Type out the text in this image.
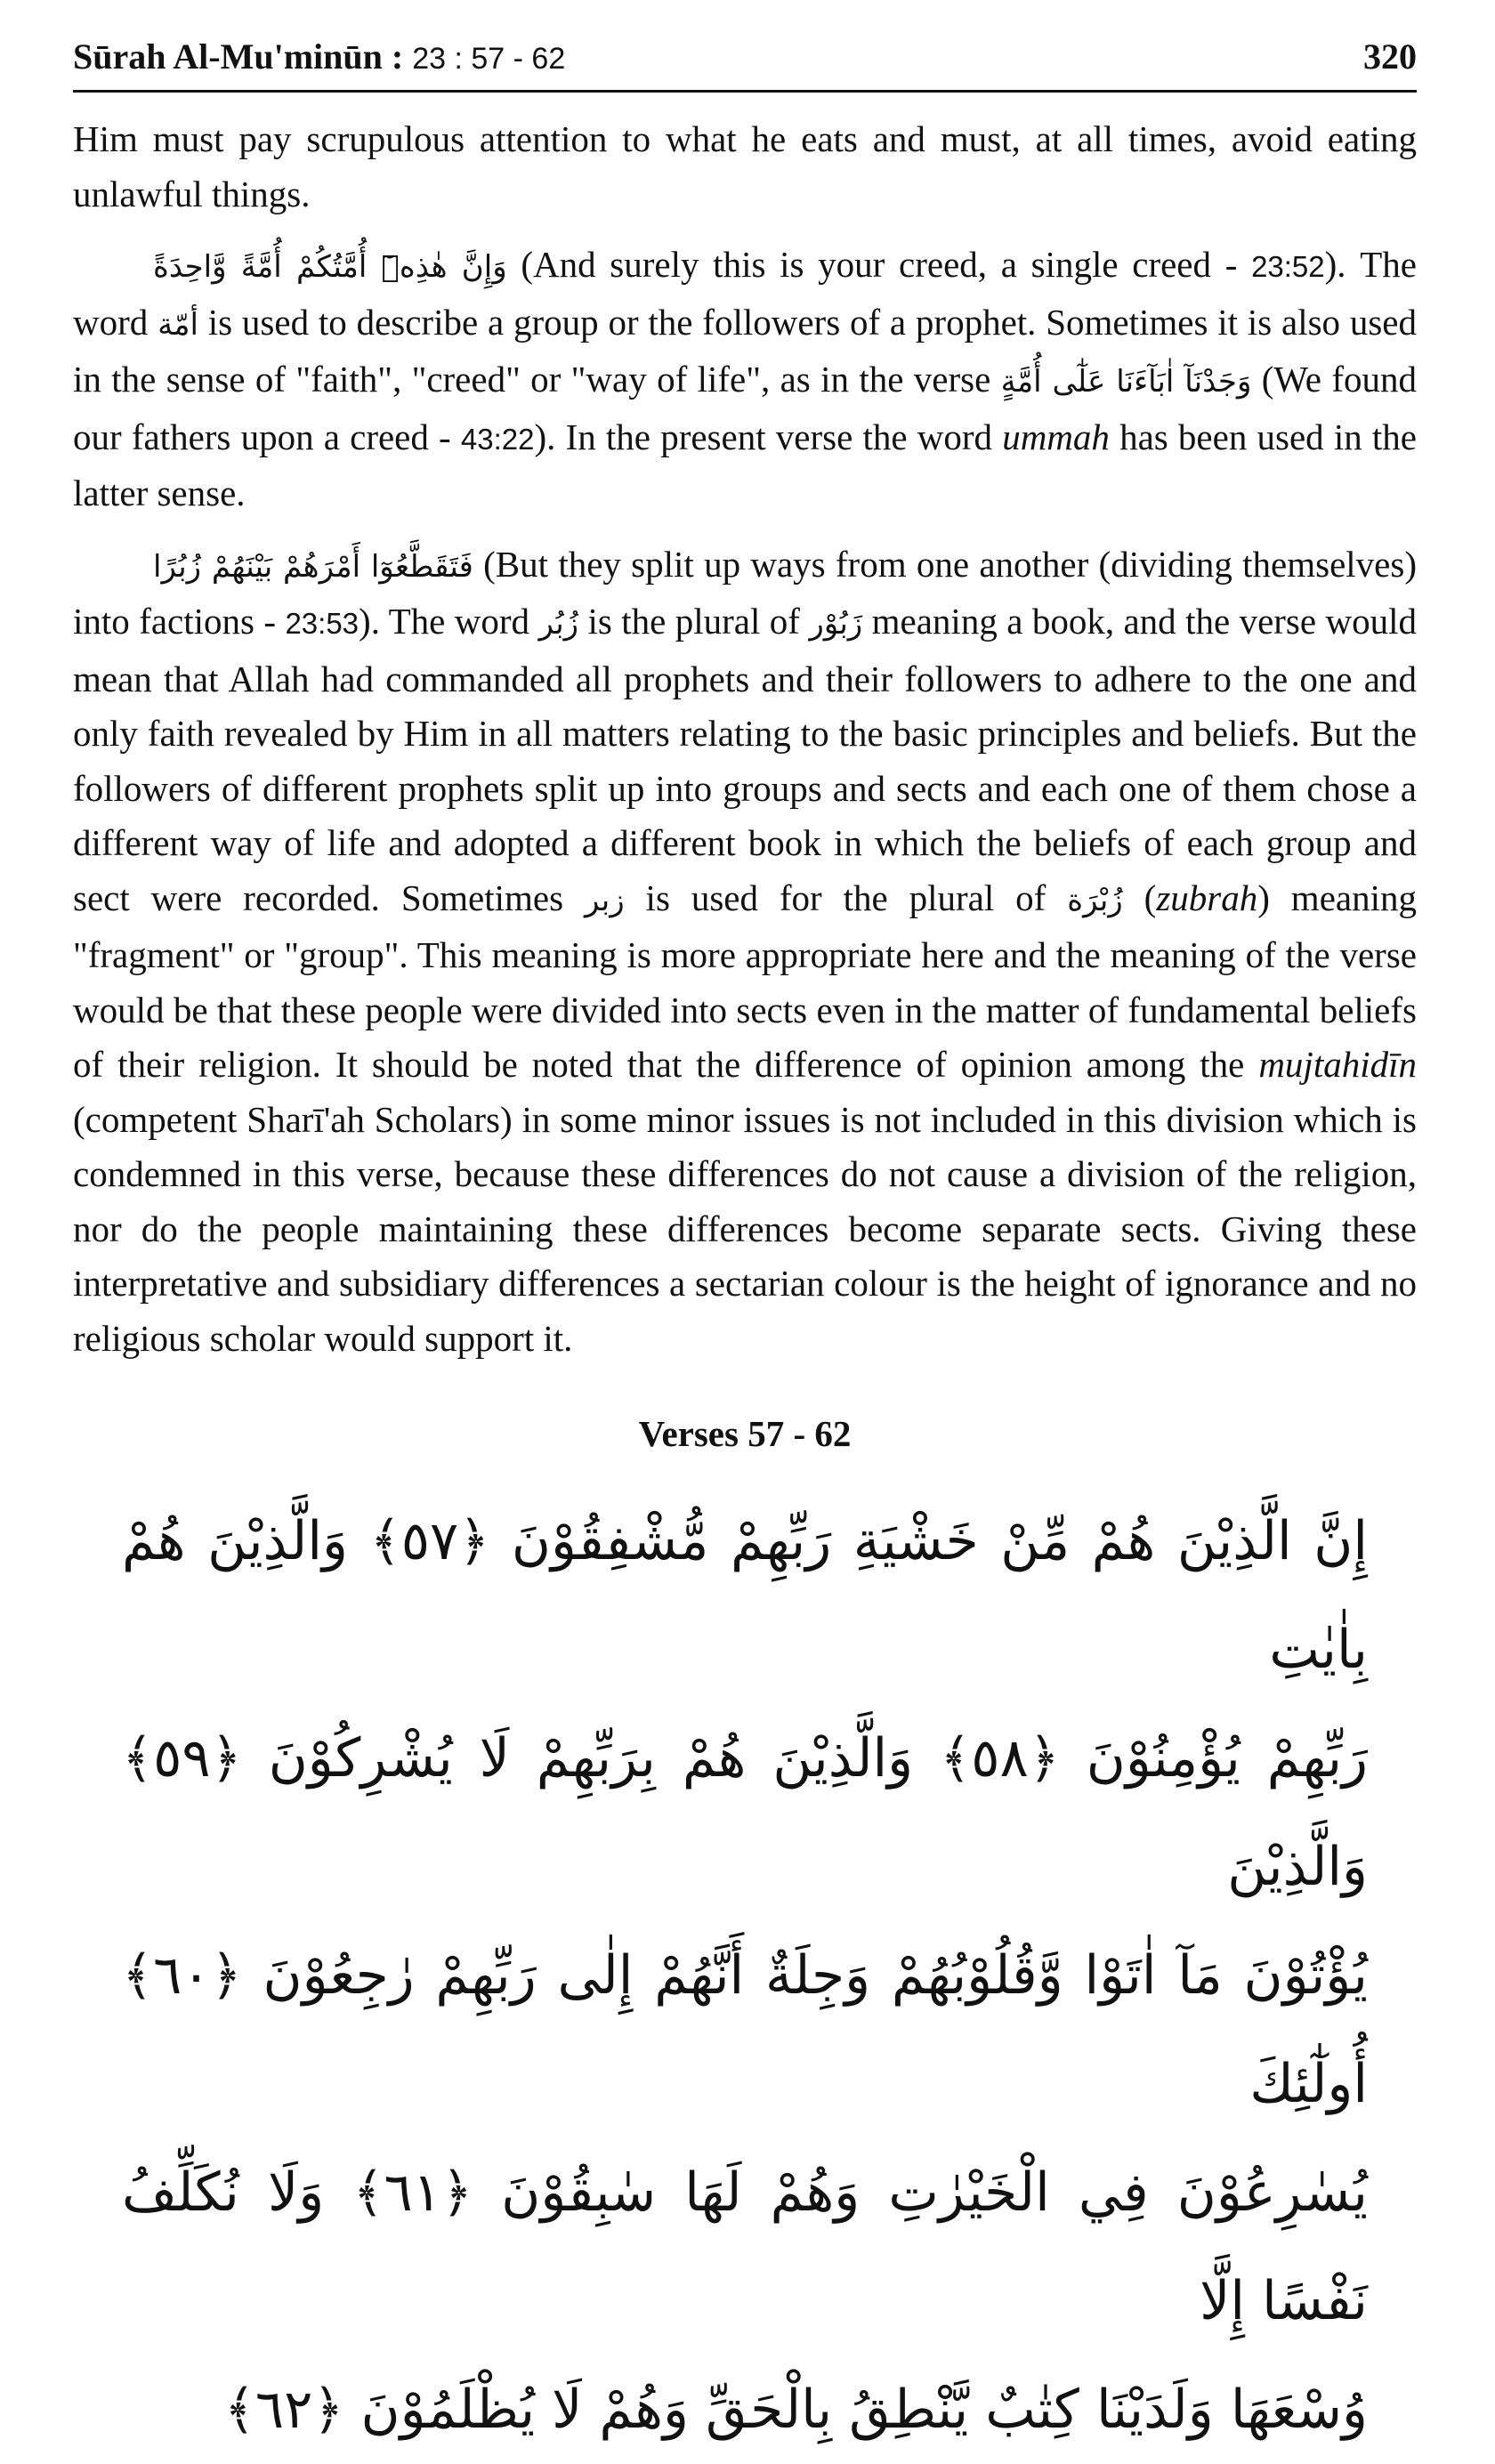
Sūrah Al-Mu'minūn : 23 : 57 - 62	320

Him must pay scrupulous attention to what he eats and must, at all times, avoid eating unlawful things.

وَإِنَّ هٰذِهٖٓ أُمَّتُكُمْ أُمَّةً وَّاحِدَةً (And surely this is your creed, a single creed - 23:52). The word أمّة is used to describe a group or the followers of a prophet. Sometimes it is also used in the sense of "faith", "creed" or "way of life", as in the verse وَجَدْنَآ اٰبَآءَنَا عَلٰٓى أُمَّةٍ (We found our fathers upon a creed - 43:22). In the present verse the word ummah has been used in the latter sense.

فَتَقَطَّعُوٓا أَمْرَهُمْ بَيْنَهُمْ زُبُرًا (But they split up ways from one another (dividing themselves) into factions - 23:53). The word زُبُر is the plural of زَبُوْر meaning a book, and the verse would mean that Allah had commanded all prophets and their followers to adhere to the one and only faith revealed by Him in all matters relating to the basic principles and beliefs. But the followers of different prophets split up into groups and sects and each one of them chose a different way of life and adopted a different book in which the beliefs of each group and sect were recorded. Sometimes زبر is used for the plural of زُبْرَة (zubrah) meaning "fragment" or "group". This meaning is more appropriate here and the meaning of the verse would be that these people were divided into sects even in the matter of fundamental beliefs of their religion. It should be noted that the difference of opinion among the mujtahidīn (competent Sharī'ah Scholars) in some minor issues is not included in this division which is condemned in this verse, because these differences do not cause a division of the religion, nor do the people maintaining these differences become separate sects. Giving these interpretative and subsidiary differences a sectarian colour is the height of ignorance and no religious scholar would support it.

Verses 57 - 62
إِنَّ الَّذِيْنَ هُمْ مِّنْ خَشْيَةِ رَبِّهِمْ مُّشْفِقُوْنَ ﴿٥٧﴾ وَالَّذِيْنَ هُمْ بِاٰيٰتِ
رَبِّهِمْ يُؤْمِنُوْنَ ﴿٥٨﴾ وَالَّذِيْنَ هُمْ بِرَبِّهِمْ لَا يُشْرِكُوْنَ ﴿٥٩﴾ وَالَّذِيْنَ
يُؤْتُوْنَ مَآ اٰتَوْا وَّقُلُوْبُهُمْ وَجِلَةٌ أَنَّهُمْ إِلٰى رَبِّهِمْ رٰجِعُوْنَ ﴿٦٠﴾ أُولٰٓئِكَ
يُسٰرِعُوْنَ فِي الْخَيْرٰتِ وَهُمْ لَهَا سٰبِقُوْنَ ﴿٦١﴾ وَلَا نُكَلِّفُ نَفْسًا إِلَّا
وُسْعَهَا وَلَدَيْنَا كِتٰبٌ يَّنْطِقُ بِالْحَقِّ وَهُمْ لَا يُظْلَمُوْنَ ﴿٦٢﴾
